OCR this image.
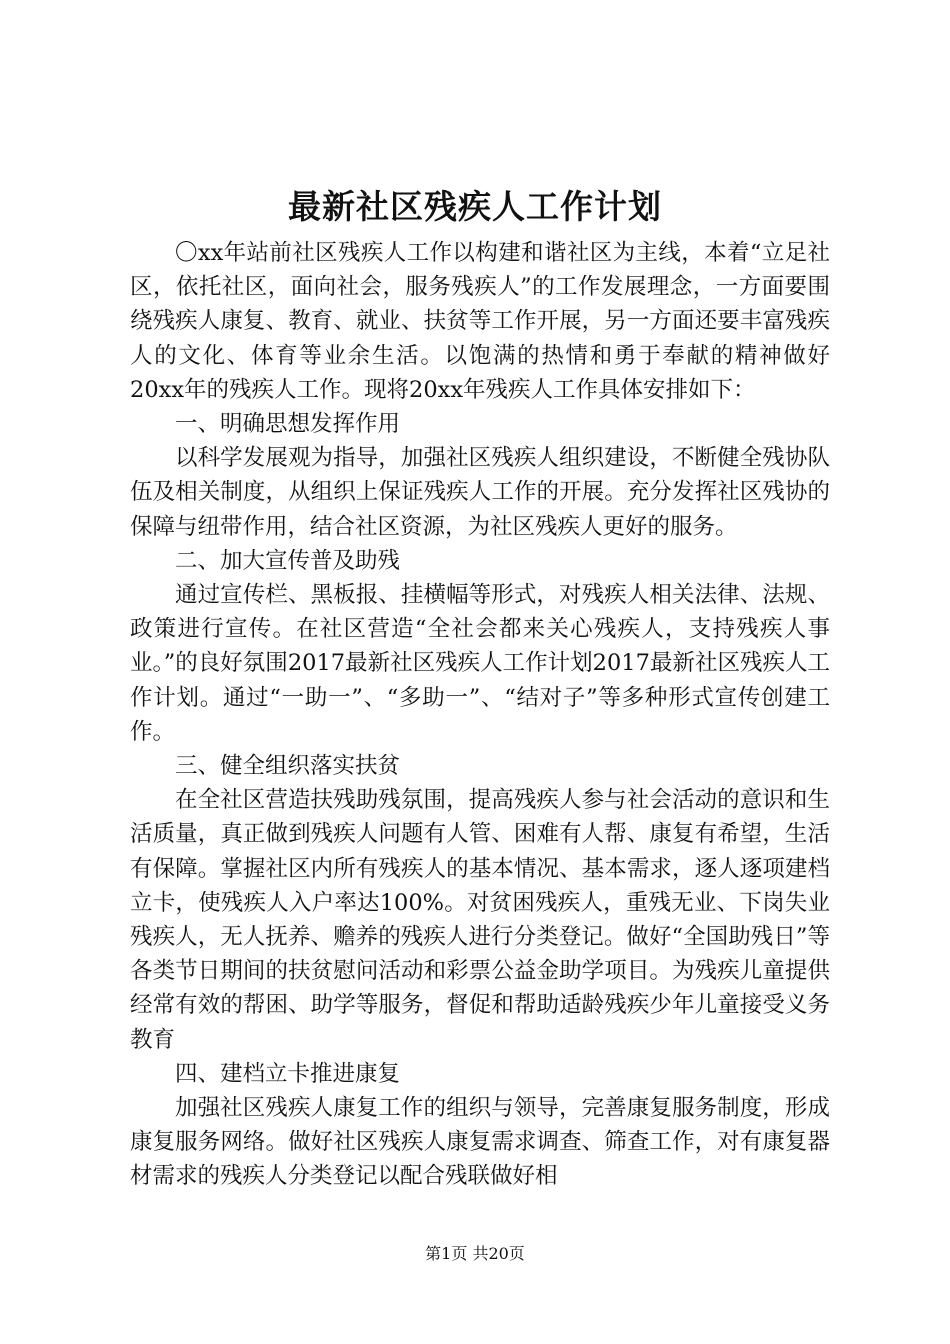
最新社区残疾人工作计划

〇xx年站前社区残疾人工作以构建和谐社区为主线，本着“立足社区，依托社区，面向社会，服务残疾人”的工作发展理念，一方面要围绕残疾人康复、教育、就业、扶贫等工作开展，另一方面还要丰富残疾人的文化、体育等业余生活。以饱满的热情和勇于奉献的精神做好20xx年的残疾人工作。现将20xx年残疾人工作具体安排如下：

一、明确思想发挥作用

以科学发展观为指导，加强社区残疾人组织建设，不断健全残协队伍及相关制度，从组织上保证残疾人工作的开展。充分发挥社区残协的保障与纽带作用，结合社区资源，为社区残疾人更好的服务。

二、加大宣传普及助残

通过宣传栏、黑板报、挂横幅等形式，对残疾人相关法律、法规、政策进行宣传。在社区营造“全社会都来关心残疾人，支持残疾人事业。”的良好氛围2017最新社区残疾人工作计划2017最新社区残疾人工作计划。通过“一助一”、“多助一”、“结对子”等多种形式宣传创建工作。

三、健全组织落实扶贫

在全社区营造扶残助残氛围，提高残疾人参与社会活动的意识和生活质量，真正做到残疾人问题有人管、困难有人帮、康复有希望，生活有保障。掌握社区内所有残疾人的基本情况、基本需求，逐人逐项建档立卡，使残疾人入户率达100%。对贫困残疾人，重残无业、下岗失业残疾人，无人抚养、赡养的残疾人进行分类登记。做好“全国助残日”等各类节日期间的扶贫慰问活动和彩票公益金助学项目。为残疾儿童提供经常有效的帮困、助学等服务，督促和帮助适龄残疾少年儿童接受义务教育

四、建档立卡推进康复

加强社区残疾人康复工作的组织与领导，完善康复服务制度，形成康复服务网络。做好社区残疾人康复需求调查、筛查工作，对有康复器材需求的残疾人分类登记以配合残联做好相

第1页 共20页
